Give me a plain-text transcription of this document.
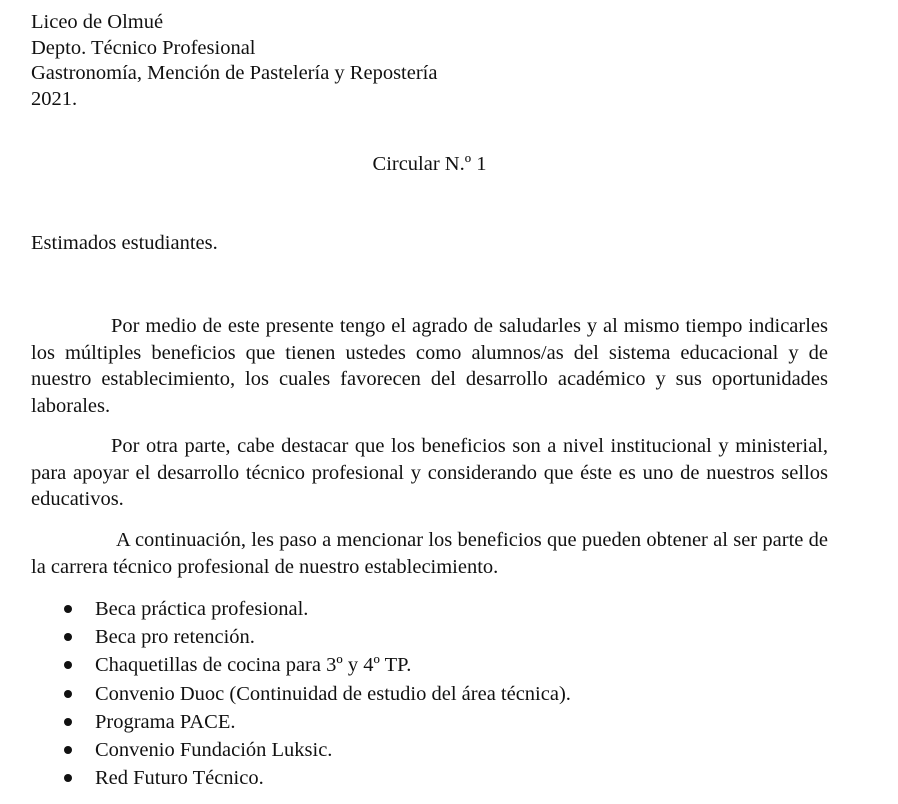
Liceo de Olmué
Depto. Técnico Profesional
Gastronomía, Mención de Pastelería y Repostería
2021.
Circular N.º 1
Estimados estudiantes.

Por medio de este presente tengo el agrado de saludarles y al mismo tiempo indicarles los múltiples beneficios que tienen ustedes como alumnos/as del sistema educacional y de nuestro establecimiento, los cuales favorecen del desarrollo académico y sus oportunidades laborales.

Por otra parte, cabe destacar que los beneficios son a nivel institucional y ministerial, para apoyar el desarrollo técnico profesional y considerando que éste es uno de nuestros sellos educativos.

A continuación, les paso a mencionar los beneficios que pueden obtener al ser parte de la carrera técnico profesional de nuestro establecimiento.

Beca práctica profesional.
Beca pro retención.
Chaquetillas de cocina para 3º y 4º TP.
Convenio Duoc (Continuidad de estudio del área técnica).
Programa PACE.
Convenio Fundación Luksic.
Red Futuro Técnico.
